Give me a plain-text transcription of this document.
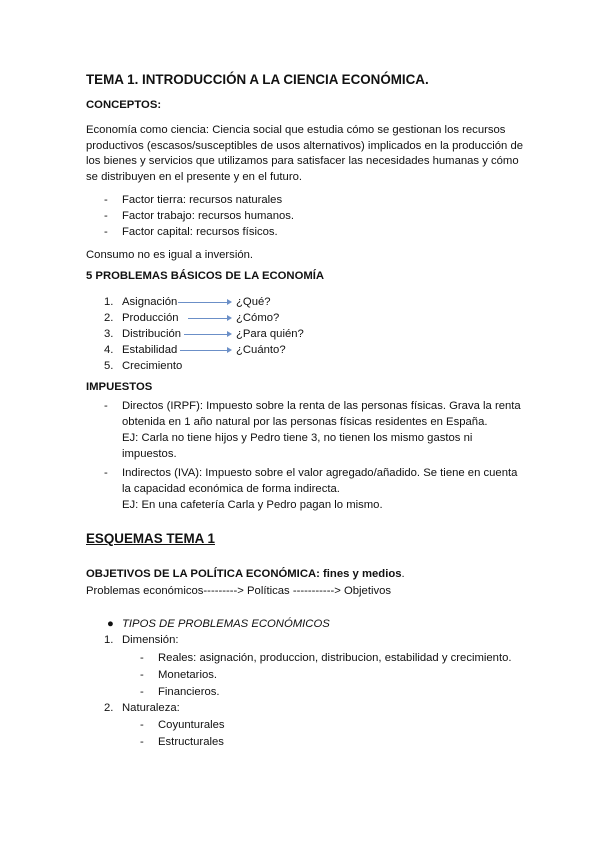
TEMA 1. INTRODUCCIÓN A LA CIENCIA ECONÓMICA.
CONCEPTOS:
Economía como ciencia: Ciencia social que estudia cómo se gestionan los recursos
productivos (escasos/susceptibles de usos alternativos) implicados en la producción de
los bienes y servicios que utilizamos para satisfacer las necesidades humanas y cómo
se distribuyen en el presente y en el futuro.
- Factor tierra: recursos naturales
- Factor trabajo: recursos humanos.
- Factor capital: recursos físicos.
Consumo no es igual a inversión.
5 PROBLEMAS BÁSICOS DE LA ECONOMÍA
1. Asignación	¿Qué?
2. Producción	¿Cómo?
3. Distribución	¿Para quién?
4. Estabilidad	¿Cuánto?
5. Crecimiento
IMPUESTOS
- Directos (IRPF): Impuesto sobre la renta de las personas físicas. Grava la renta
obtenida en 1 año natural por las personas físicas residentes en España.
EJ: Carla no tiene hijos y Pedro tiene 3, no tienen los mismo gastos ni
impuestos.
- Indirectos (IVA): Impuesto sobre el valor agregado/añadido. Se tiene en cuenta
la capacidad económica de forma indirecta.
EJ: En una cafetería Carla y Pedro pagan lo mismo.
ESQUEMAS TEMA 1
OBJETIVOS DE LA POLÍTICA ECONÓMICA: fines y medios.
Problemas económicos---------> Políticas -----------> Objetivos
● TIPOS DE PROBLEMAS ECONÓMICOS
1. Dimensión:
- Reales: asignación, produccion, distribucion, estabilidad y crecimiento.
- Monetarios.
- Financieros.
2. Naturaleza:
- Coyunturales
- Estructurales
